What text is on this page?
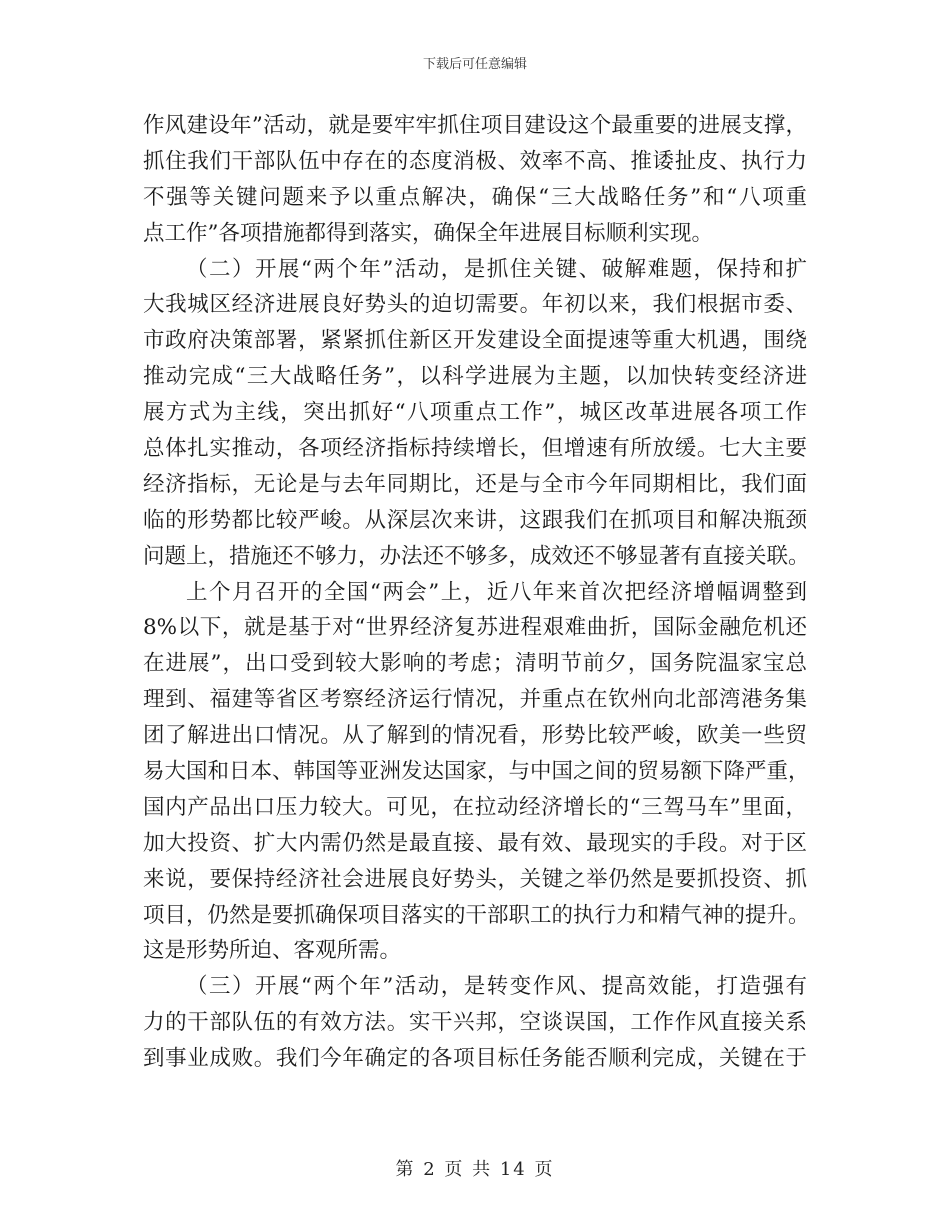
下载后可任意编辑
作风建设年”活动，就是要牢牢抓住项目建设这个最重要的进展支撑，
抓住我们干部队伍中存在的态度消极、效率不高、推诿扯皮、执行力
不强等关键问题来予以重点解决，确保“三大战略任务”和“八项重
点工作”各项措施都得到落实，确保全年进展目标顺利实现。
（二）开展“两个年”活动，是抓住关键、破解难题，保持和扩
大我城区经济进展良好势头的迫切需要。年初以来，我们根据市委、
市政府决策部署，紧紧抓住新区开发建设全面提速等重大机遇，围绕
推动完成“三大战略任务”，以科学进展为主题，以加快转变经济进
展方式为主线，突出抓好“八项重点工作”，城区改革进展各项工作
总体扎实推动，各项经济指标持续增长，但增速有所放缓。七大主要
经济指标，无论是与去年同期比，还是与全市今年同期相比，我们面
临的形势都比较严峻。从深层次来讲，这跟我们在抓项目和解决瓶颈
问题上，措施还不够力，办法还不够多，成效还不够显著有直接关联。
上个月召开的全国“两会”上，近八年来首次把经济增幅调整到
8%以下，就是基于对“世界经济复苏进程艰难曲折，国际金融危机还
在进展”，出口受到较大影响的考虑；清明节前夕，国务院温家宝总
理到、福建等省区考察经济运行情况，并重点在钦州向北部湾港务集
团了解进出口情况。从了解到的情况看，形势比较严峻，欧美一些贸
易大国和日本、韩国等亚洲发达国家，与中国之间的贸易额下降严重，
国内产品出口压力较大。可见，在拉动经济增长的“三驾马车”里面，
加大投资、扩大内需仍然是最直接、最有效、最现实的手段。对于区
来说，要保持经济社会进展良好势头，关键之举仍然是要抓投资、抓
项目，仍然是要抓确保项目落实的干部职工的执行力和精气神的提升。
这是形势所迫、客观所需。
（三）开展“两个年”活动，是转变作风、提高效能，打造强有
力的干部队伍的有效方法。实干兴邦，空谈误国，工作作风直接关系
到事业成败。我们今年确定的各项目标任务能否顺利完成，关键在于
第 2 页 共 14 页
